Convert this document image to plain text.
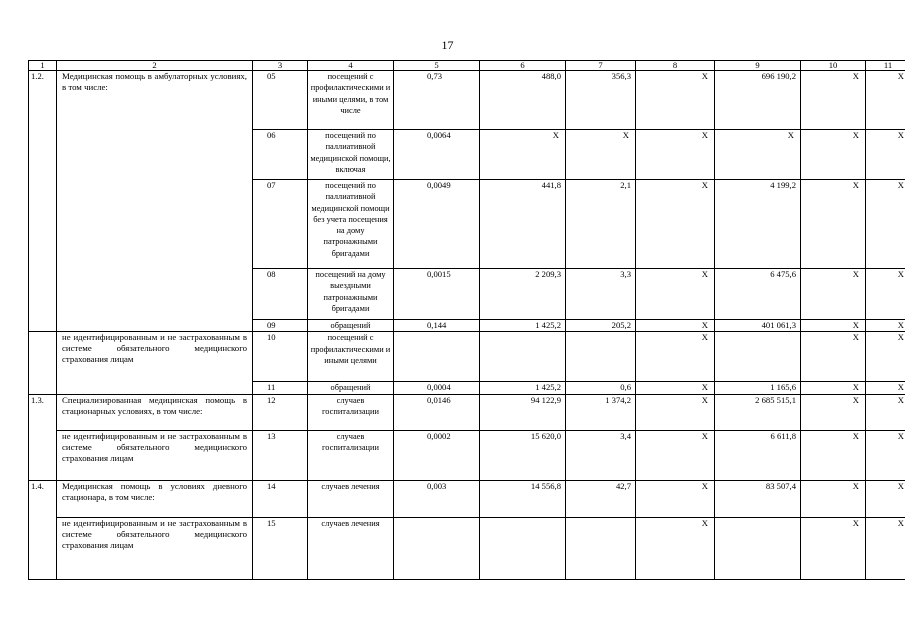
17
1	2	3	4	5	6	7	8	9	10	11
1.2.	Медицинская помощь в амбулаторных условиях, в том числе:	05	посещений с профилактическими и иными целями, в том числе	0,73	488,0	356,3	X	696 190,2	X	X
		06	посещений по паллиативной медицинской помощи, включая	0,0064	X	X	X	X	X	X
		07	посещений по паллиативной медицинской помощи без учета посещения на дому патронажными бригадами	0,0049	441,8	2,1	X	4 199,2	X	X
		08	посещений на дому выездными патронажными бригадами	0,0015	2 209,3	3,3	X	6 475,6	X	X
		09	обращений	0,144	1 425,2	205,2	X	401 061,3	X	X
	не идентифицированным и не застрахованным в системе обязательного медицинского страхования лицам	10	посещений с профилактическими и иными целями				X		X	X
		11	обращений	0,0004	1 425,2	0,6	X	1 165,6	X	X
1.3.	Специализированная медицинская помощь в стационарных условиях, в том числе:	12	случаев госпитализации	0,0146	94 122,9	1 374,2	X	2 685 515,1	X	X
	не идентифицированным и не застрахованным в системе обязательного медицинского страхования лицам	13	случаев госпитализации	0,0002	15 620,0	3,4	X	6 611,8	X	X
1.4.	Медицинская помощь в условиях дневного стационара, в том числе:	14	случаев лечения	0,003	14 556,8	42,7	X	83 507,4	X	X
	не идентифицированным и не застрахованным в системе обязательного медицинского страхования лицам	15	случаев лечения				X		X	X
